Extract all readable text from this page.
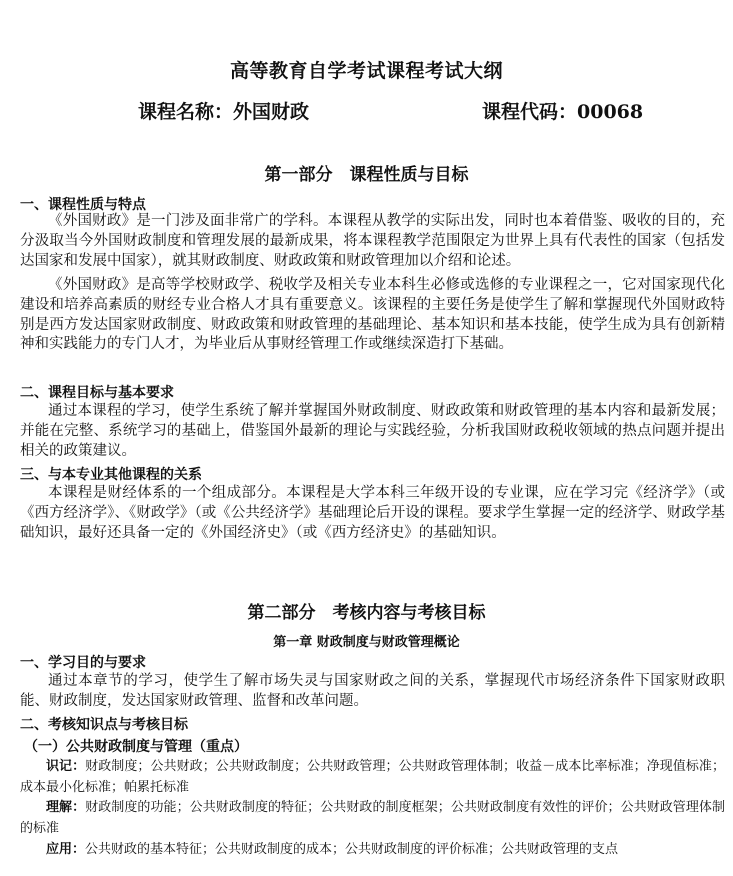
高等教育自学考试课程考试大纲
课程名称：外国财政	课程代码：00068
第一部分　课程性质与目标
一、课程性质与特点
《外国财政》是一门涉及面非常广的学科。本课程从教学的实际出发，同时也本着借鉴、吸收的目的，充分汲取当今外国财政制度和管理发展的最新成果，将本课程教学范围限定为世界上具有代表性的国家（包括发达国家和发展中国家），就其财政制度、财政政策和财政管理加以介绍和论述。
《外国财政》是高等学校财政学、税收学及相关专业本科生必修或选修的专业课程之一，它对国家现代化建设和培养高素质的财经专业合格人才具有重要意义。该课程的主要任务是使学生了解和掌握现代外国财政特别是西方发达国家财政制度、财政政策和财政管理的基础理论、基本知识和基本技能，使学生成为具有创新精神和实践能力的专门人才，为毕业后从事财经管理工作或继续深造打下基础。
二、课程目标与基本要求
通过本课程的学习，使学生系统了解并掌握国外财政制度、财政政策和财政管理的基本内容和最新发展；并能在完整、系统学习的基础上，借鉴国外最新的理论与实践经验，分析我国财政税收领域的热点问题并提出相关的政策建议。
三、与本专业其他课程的关系
本课程是财经体系的一个组成部分。本课程是大学本科三年级开设的专业课，应在学习完《经济学》（或《西方经济学》、《财政学》（或《公共经济学》基础理论后开设的课程。要求学生掌握一定的经济学、财政学基础知识，最好还具备一定的《外国经济史》（或《西方经济史》的基础知识。
第二部分　考核内容与考核目标
第一章 财政制度与财政管理概论
一、学习目的与要求
通过本章节的学习，使学生了解市场失灵与国家财政之间的关系，掌握现代市场经济条件下国家财政职能、财政制度，发达国家财政管理、监督和改革问题。
二、考核知识点与考核目标
（一）公共财政制度与管理（重点）
识记：财政制度；公共财政；公共财政制度；公共财政管理；公共财政管理体制；收益－成本比率标准；净现值标准；成本最小化标准；帕累托标准
理解：财政制度的功能；公共财政制度的特征；公共财政的制度框架；公共财政制度有效性的评价；公共财政管理体制的标准
应用：公共财政的基本特征；公共财政制度的成本；公共财政制度的评价标准；公共财政管理的支点
